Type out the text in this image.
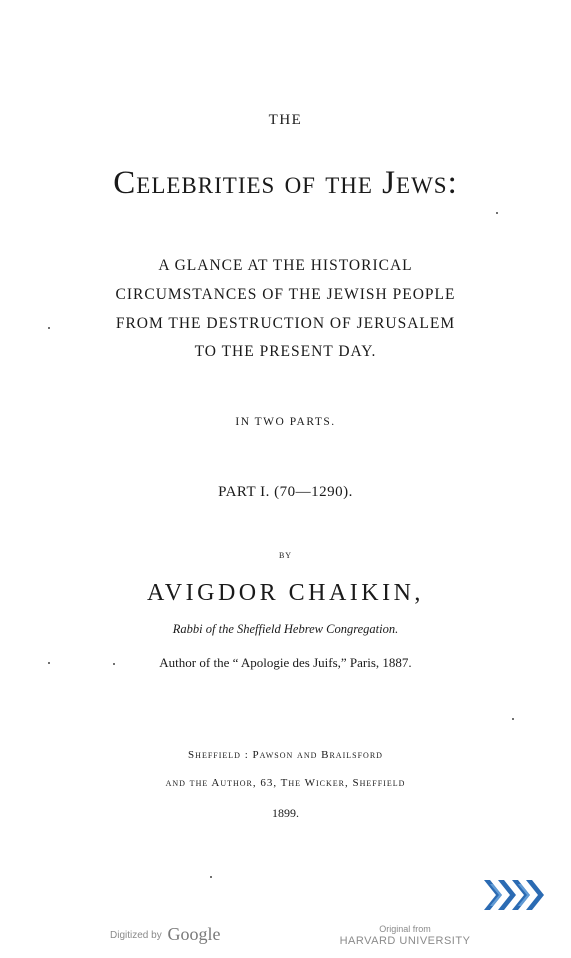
THE
Celebrities of the Jews:
A GLANCE AT THE HISTORICAL
CIRCUMSTANCES OF THE JEWISH PEOPLE
FROM THE DESTRUCTION OF JERUSALEM
TO THE PRESENT DAY.
IN TWO PARTS.
PART I. (70—1290).
BY
AVIGDOR CHAIKIN,
Rabbi of the Sheffield Hebrew Congregation.
Author of the “ Apologie des Juifs,” Paris, 1887.
Sheffield : Pawson and Brailsford
and the Author, 63, The Wicker, Sheffield
1899.
Digitized by Google	Original from
HARVARD UNIVERSITY
